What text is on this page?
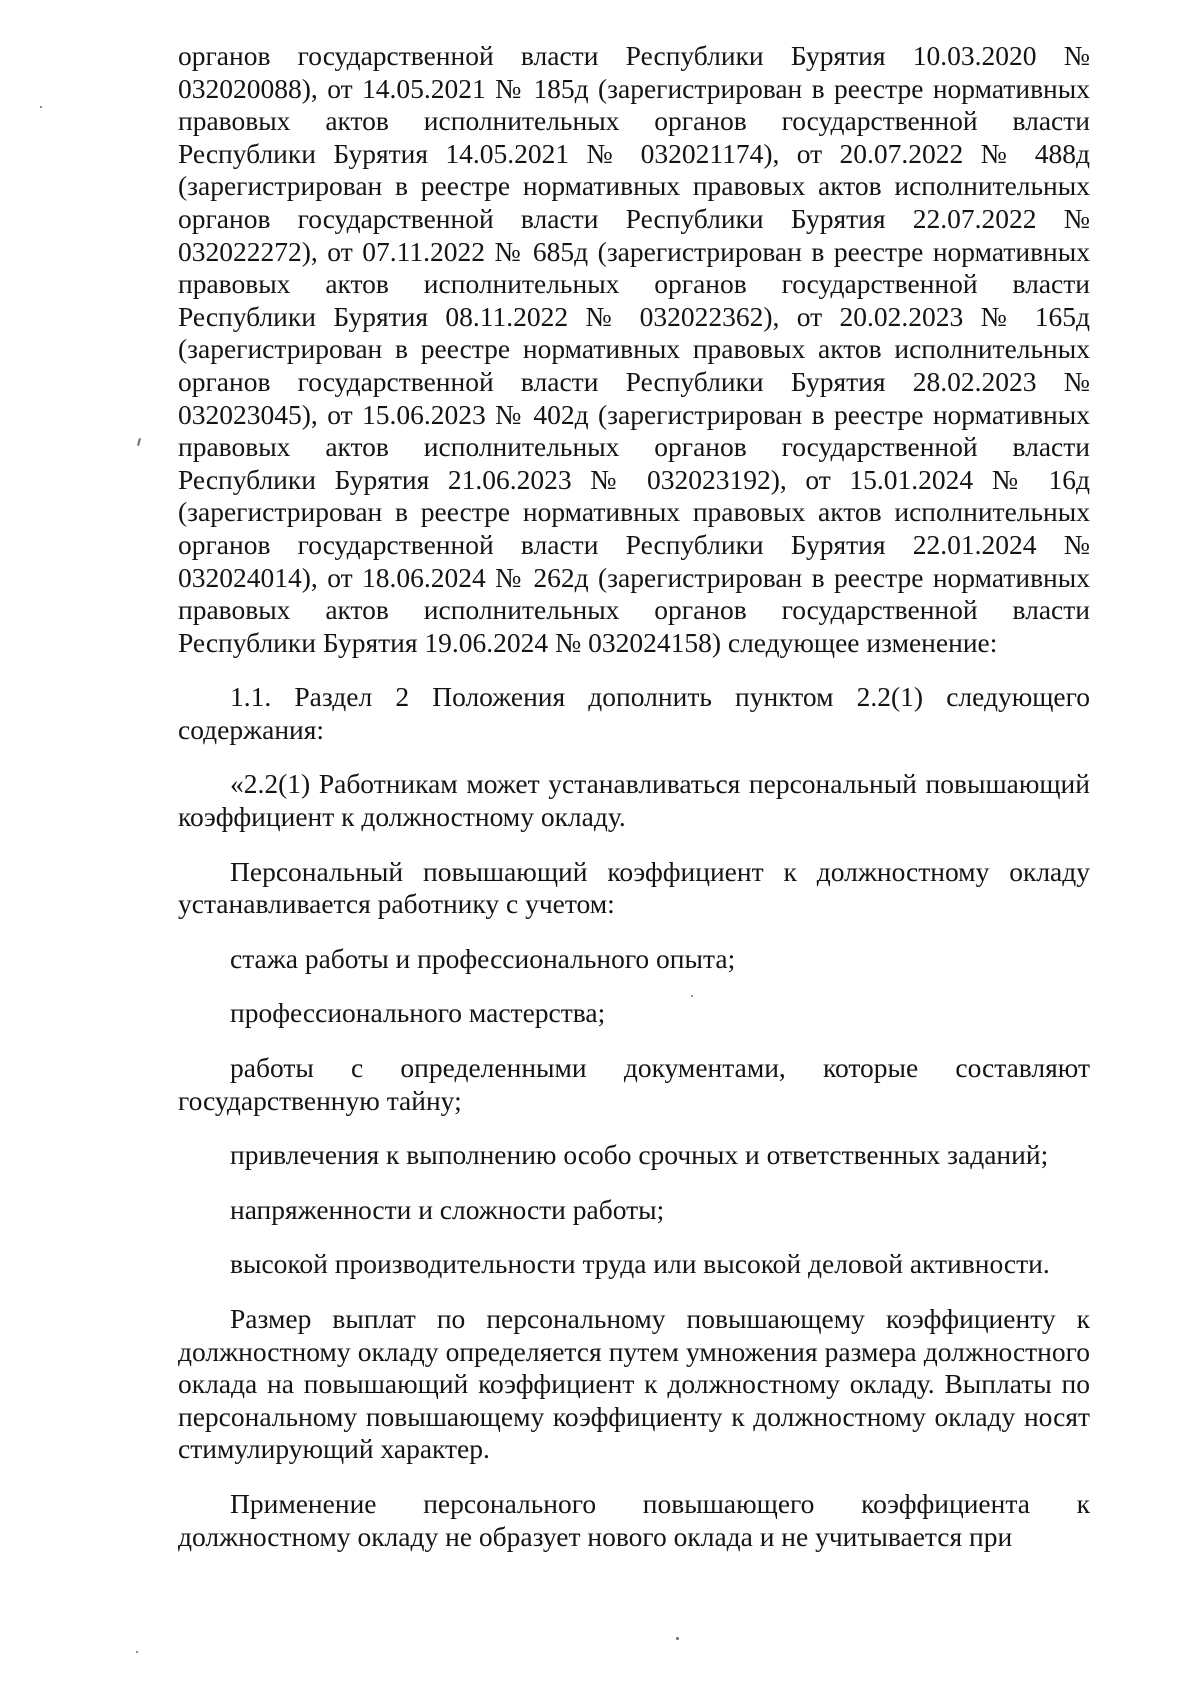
органов государственной власти Республики Бурятия 10.03.2020 № 032020088), от 14.05.2021 № 185д (зарегистрирован в реестре нормативных правовых актов исполнительных органов государственной власти Республики Бурятия 14.05.2021 № 032021174), от 20.07.2022 № 488д (зарегистрирован в реестре нормативных правовых актов исполнительных органов государственной власти Республики Бурятия 22.07.2022 № 032022272), от 07.11.2022 № 685д (зарегистрирован в реестре нормативных правовых актов исполнительных органов государственной власти Республики Бурятия 08.11.2022 № 032022362), от 20.02.2023 № 165д (зарегистрирован в реестре нормативных правовых актов исполнительных органов государственной власти Республики Бурятия 28.02.2023 № 032023045), от 15.06.2023 № 402д (зарегистрирован в реестре нормативных правовых актов исполнительных органов государственной власти Республики Бурятия 21.06.2023 № 032023192), от 15.01.2024 № 16д (зарегистрирован в реестре нормативных правовых актов исполнительных органов государственной власти Республики Бурятия 22.01.2024 № 032024014), от 18.06.2024 № 262д (зарегистрирован в реестре нормативных правовых актов исполнительных органов государственной власти Республики Бурятия 19.06.2024 № 032024158) следующее изменение:

1.1. Раздел 2 Положения дополнить пунктом 2.2(1) следующего содержания:

«2.2(1) Работникам может устанавливаться персональный повышающий коэффициент к должностному окладу.

Персональный повышающий коэффициент к должностному окладу устанавливается работнику с учетом:

стажа работы и профессионального опыта;

профессионального мастерства;

работы с определенными документами, которые составляют государственную тайну;

привлечения к выполнению особо срочных и ответственных заданий;

напряженности и сложности работы;

высокой производительности труда или высокой деловой активности.

Размер выплат по персональному повышающему коэффициенту к должностному окладу определяется путем умножения размера должностного оклада на повышающий коэффициент к должностному окладу. Выплаты по персональному повышающему коэффициенту к должностному окладу носят стимулирующий характер.

Применение персонального повышающего коэффициента к должностному окладу не образует нового оклада и не учитывается при
